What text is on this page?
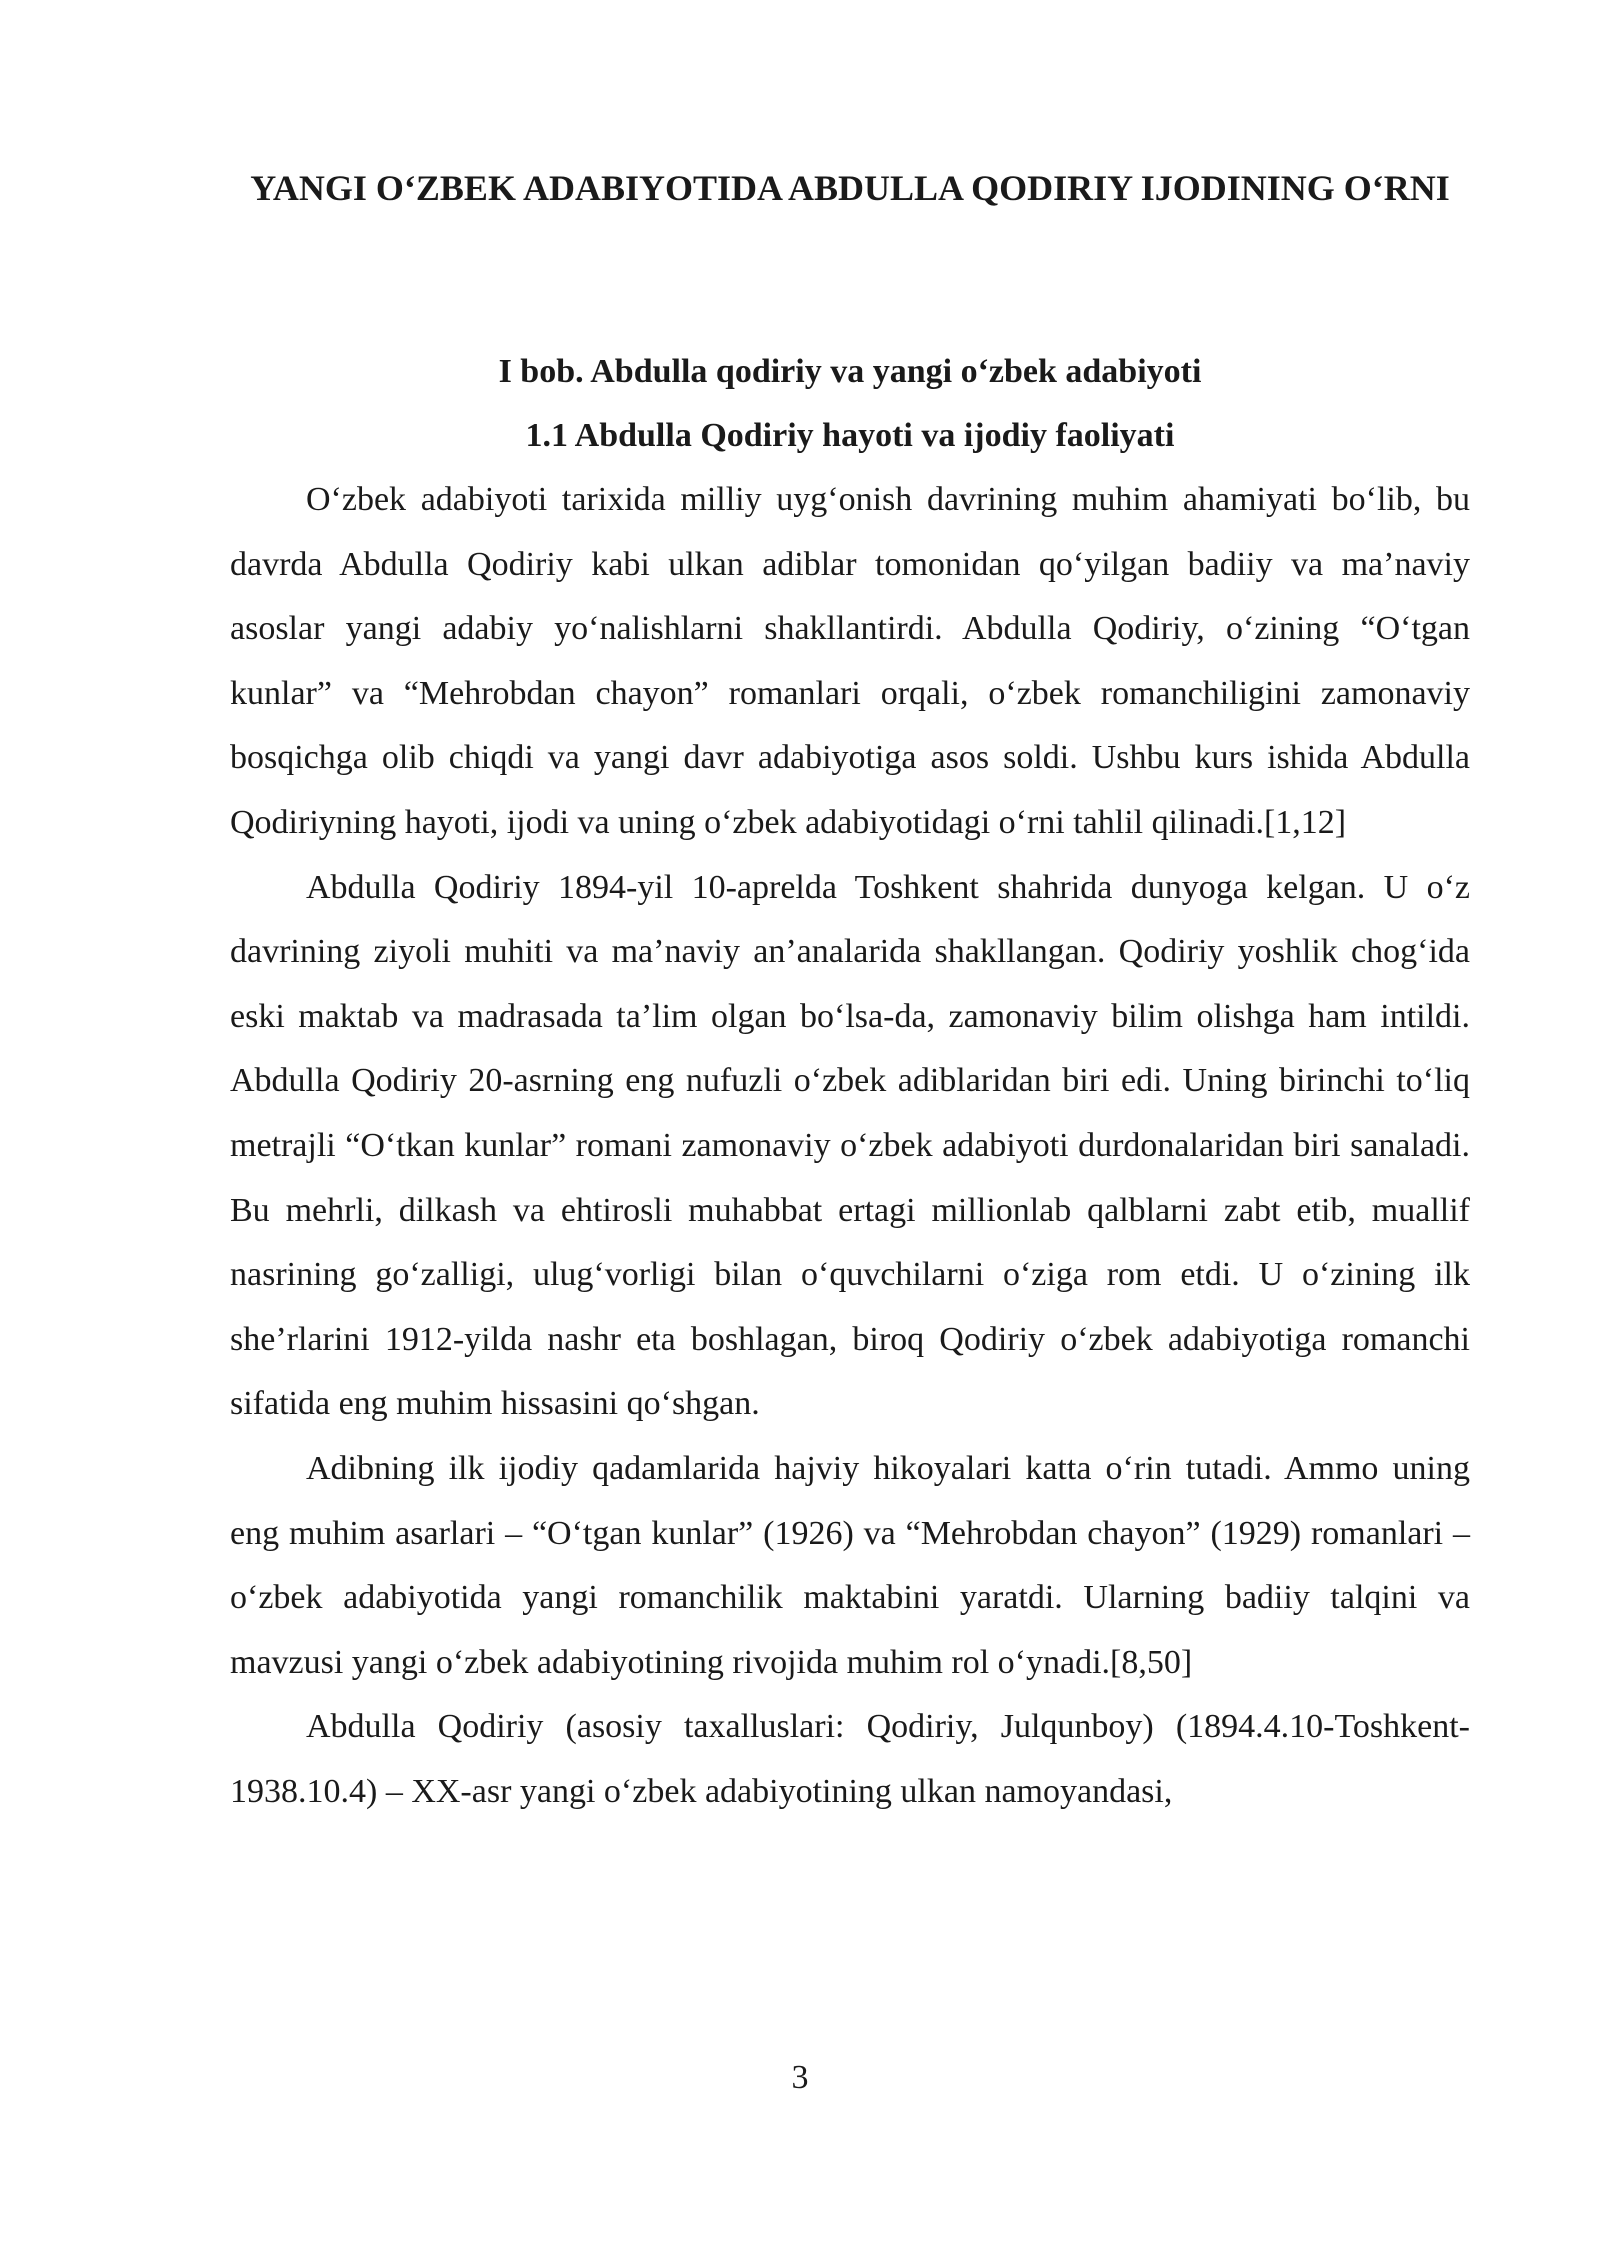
YANGI O‘ZBEK ADABIYOTIDA ABDULLA QODIRIY IJODINING O‘RNI
I bob. Abdulla qodiriy va yangi o‘zbek adabiyoti
1.1 Abdulla Qodiriy hayoti va ijodiy faoliyati

O‘zbek adabiyoti tarixida milliy uyg‘onish davrining muhim ahamiyati bo‘lib, bu davrda Abdulla Qodiriy kabi ulkan adiblar tomonidan qo‘yilgan badiiy va ma’naviy asoslar yangi adabiy yo‘nalishlarni shakllantirdi. Abdulla Qodiriy, o‘zining “O‘tgan kunlar” va “Mehrobdan chayon” romanlari orqali, o‘zbek romanchiligini zamonaviy bosqichga olib chiqdi va yangi davr adabiyotiga asos soldi. Ushbu kurs ishida Abdulla Qodiriyning hayoti, ijodi va uning o‘zbek adabiyotidagi o‘rni tahlil qilinadi.[1,12]

Abdulla Qodiriy 1894-yil 10-aprelda Toshkent shahrida dunyoga kelgan. U o‘z davrining ziyoli muhiti va ma’naviy an’analarida shakllangan. Qodiriy yoshlik chog‘ida eski maktab va madrasada ta’lim olgan bo‘lsa-da, zamonaviy bilim olishga ham intildi. Abdulla Qodiriy 20-asrning eng nufuzli o‘zbek adiblaridan biri edi. Uning birinchi to‘liq metrajli “O‘tkan kunlar” romani zamonaviy o‘zbek adabiyoti durdonalaridan biri sanaladi. Bu mehrli, dilkash va ehtirosli muhabbat ertagi millionlab qalblarni zabt etib, muallif nasrining go‘zalligi, ulug‘vorligi bilan o‘quvchilarni o‘ziga rom etdi. U o‘zining ilk she’rlarini 1912-yilda nashr eta boshlagan, biroq Qodiriy o‘zbek adabiyotiga romanchi sifatida eng muhim hissasini qo‘shgan.

Adibning ilk ijodiy qadamlarida hajviy hikoyalari katta o‘rin tutadi. Ammo uning eng muhim asarlari – “O‘tgan kunlar” (1926) va “Mehrobdan chayon” (1929) romanlari – o‘zbek adabiyotida yangi romanchilik maktabini yaratdi. Ularning badiiy talqini va mavzusi yangi o‘zbek adabiyotining rivojida muhim rol o‘ynadi.[8,50]

Abdulla Qodiriy (asosiy taxalluslari: Qodiriy, Julqunboy) (1894.4.10-Toshkent-1938.10.4) – XX-asr yangi o‘zbek adabiyotining ulkan namoyandasi,

3
